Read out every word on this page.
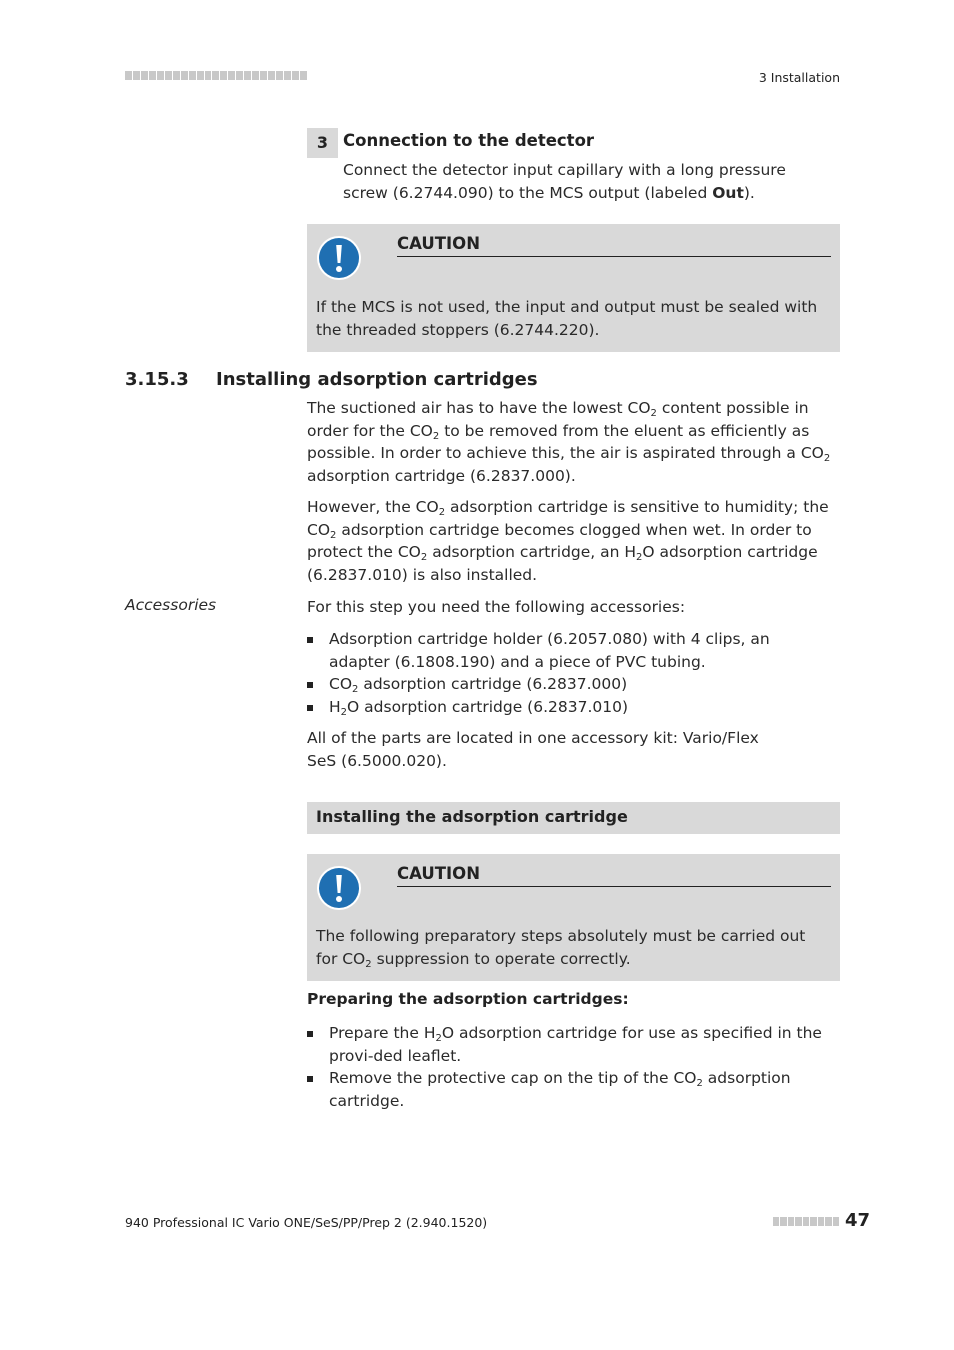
3 Installation
3 Connection to the detector
Connect the detector input capillary with a long pressure screw (6.2744.090) to the MCS output (labeled Out).
CAUTION
If the MCS is not used, the input and output must be sealed with the threaded stoppers (6.2744.220).
3.15.3 Installing adsorption cartridges
The suctioned air has to have the lowest $CO_2$ content possible in order for the $CO_2$ to be removed from the eluent as efficiently as possible. In order to achieve this, the air is aspirated through a $CO_2$ adsorption cartridge (6.2837.000).
However, the $CO_2$ adsorption cartridge is sensitive to humidity; the $CO_2$ adsorption cartridge becomes clogged when wet. In order to protect the $CO_2$ adsorption cartridge, an $H_2O$ adsorption cartridge (6.2837.010) is also installed.
Accessories	For this step you need the following accessories:
Adsorption cartridge holder (6.2057.080) with 4 clips, an adapter (6.1808.190) and a piece of PVC tubing.
$CO_2$ adsorption cartridge (6.2837.000)
$H_2O$ adsorption cartridge (6.2837.010)
All of the parts are located in one accessory kit: Vario/Flex SeS (6.5000.020).
Installing the adsorption cartridge
CAUTION
The following preparatory steps absolutely must be carried out for $CO_2$ suppression to operate correctly.
Preparing the adsorption cartridges:
Prepare the $H_2O$ adsorption cartridge for use as specified in the provi-ded leaflet.
Remove the protective cap on the tip of the $CO_2$ adsorption cartridge.
940 Professional IC Vario ONE/SeS/PP/Prep 2 (2.940.1520)	47
